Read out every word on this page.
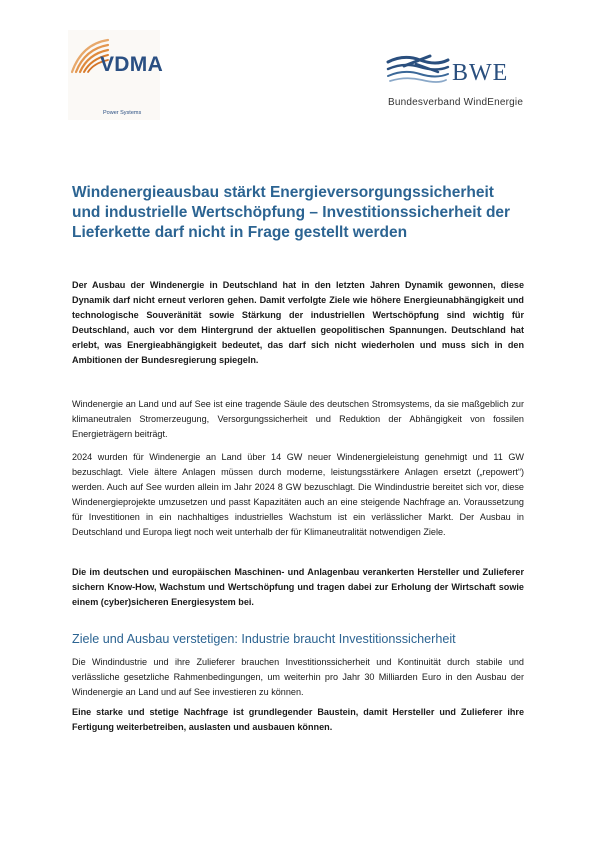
VDMA
Power Systems
BWE
Bundesverband WindEnergie
Windenergieausbau stärkt Energieversorgungssicherheit und industrielle Wertschöpfung – Investitionssicherheit der Lieferkette darf nicht in Frage gestellt werden

Der Ausbau der Windenergie in Deutschland hat in den letzten Jahren Dynamik gewonnen, diese Dynamik darf nicht erneut verloren gehen. Damit verfolgte Ziele wie höhere Energieunabhängigkeit und technologische Souveränität sowie Stärkung der industriellen Wertschöpfung sind wichtig für Deutschland, auch vor dem Hintergrund der aktuellen geopolitischen Spannungen. Deutschland hat erlebt, was Energieabhängigkeit bedeutet, das darf sich nicht wiederholen und muss sich in den Ambitionen der Bundesregierung spiegeln.

Windenergie an Land und auf See ist eine tragende Säule des deutschen Stromsystems, da sie maßgeblich zur klimaneutralen Stromerzeugung, Versorgungssicherheit und Reduktion der Abhängigkeit von fossilen Energieträgern beiträgt.

2024 wurden für Windenergie an Land über 14 GW neuer Windenergieleistung genehmigt und 11 GW bezuschlagt. Viele ältere Anlagen müssen durch moderne, leistungsstärkere Anlagen ersetzt („repowert“) werden. Auch auf See wurden allein im Jahr 2024 8 GW bezuschlagt. Die Windindustrie bereitet sich vor, diese Windenergieprojekte umzusetzen und passt Kapazitäten auch an eine steigende Nachfrage an. Voraussetzung für Investitionen in ein nachhaltiges industrielles Wachstum ist ein verlässlicher Markt. Der Ausbau in Deutschland und Europa liegt noch weit unterhalb der für Klimaneutralität notwendigen Ziele.

Die im deutschen und europäischen Maschinen- und Anlagenbau verankerten Hersteller und Zulieferer sichern Know-How, Wachstum und Wertschöpfung und tragen dabei zur Erholung der Wirtschaft sowie einem (cyber)sicheren Energiesystem bei.

Ziele und Ausbau verstetigen: Industrie braucht Investitionssicherheit

Die Windindustrie und ihre Zulieferer brauchen Investitionssicherheit und Kontinuität durch stabile und verlässliche gesetzliche Rahmenbedingungen, um weiterhin pro Jahr 30 Milliarden Euro in den Ausbau der Windenergie an Land und auf See investieren zu können.

Eine starke und stetige Nachfrage ist grundlegender Baustein, damit Hersteller und Zulieferer ihre Fertigung weiterbetreiben, auslasten und ausbauen können.
